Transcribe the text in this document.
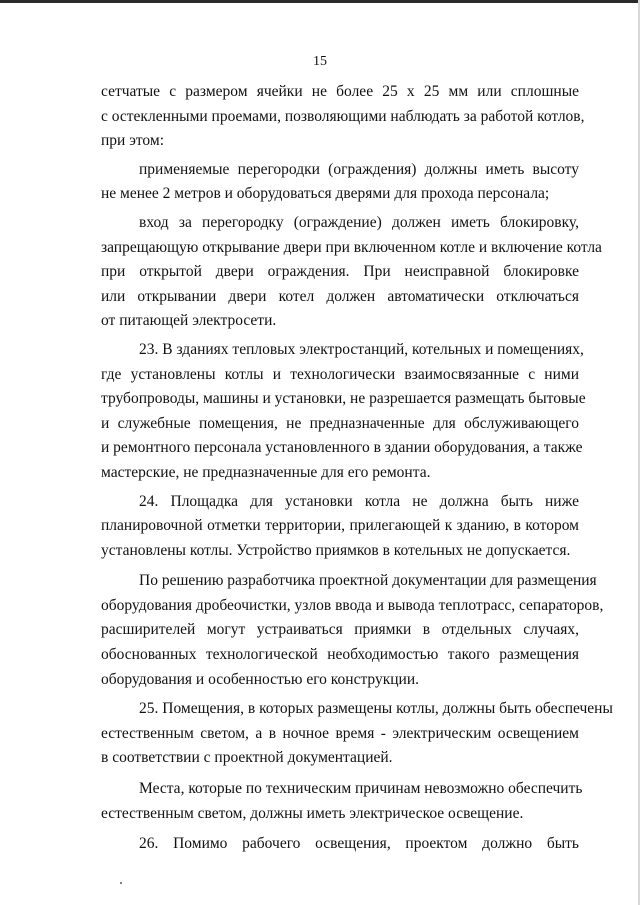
15
сетчатые с размером ячейки не более 25 x 25 мм или сплошные
с остекленными проемами, позволяющими наблюдать за работой котлов,
при этом:
применяемые перегородки (ограждения) должны иметь высоту
не менее 2 метров и оборудоваться дверями для прохода персонала;
вход за перегородку (ограждение) должен иметь блокировку,
запрещающую открывание двери при включенном котле и включение котла
при открытой двери ограждения. При неисправной блокировке
или открывании двери котел должен автоматически отключаться
от питающей электросети.
23. В зданиях тепловых электростанций, котельных и помещениях,
где установлены котлы и технологически взаимосвязанные с ними
трубопроводы, машины и установки, не разрешается размещать бытовые
и служебные помещения, не предназначенные для обслуживающего
и ремонтного персонала установленного в здании оборудования, а также
мастерские, не предназначенные для его ремонта.
24. Площадка для установки котла не должна быть ниже
планировочной отметки территории, прилегающей к зданию, в котором
установлены котлы. Устройство приямков в котельных не допускается.
По решению разработчика проектной документации для размещения
оборудования дробеочистки, узлов ввода и вывода теплотрасс, сепараторов,
расширителей могут устраиваться приямки в отдельных случаях,
обоснованных технологической необходимостью такого размещения
оборудования и особенностью его конструкции.
25. Помещения, в которых размещены котлы, должны быть обеспечены
естественным светом, а в ночное время - электрическим освещением
в соответствии с проектной документацией.
Места, которые по техническим причинам невозможно обеспечить
естественным светом, должны иметь электрическое освещение.
26. Помимо рабочего освещения, проектом должно быть
